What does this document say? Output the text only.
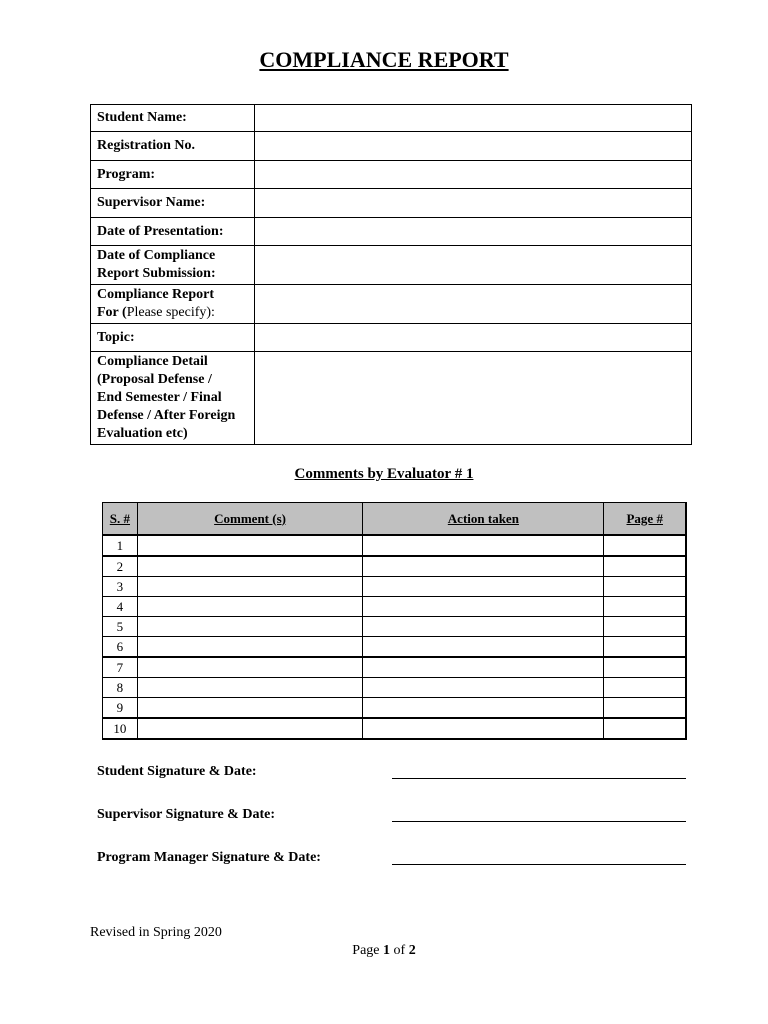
COMPLIANCE REPORT
Student Name:	
Registration No.	
Program:	
Supervisor Name:	
Date of Presentation:	

Date of Compliance
Report Submission:	

Compliance Report
For (Please specify):	

Topic:	

Compliance Detail
(Proposal Defense /
End Semester / Final
Defense / After Foreign
Evaluation etc)	

Comments by Evaluator # 1
S. #	Comment (s)	Action taken	Page #
1			
2			
3			
4			
5			
6			
7			
8			
9			
10			
Student Signature & Date:
Supervisor Signature & Date:
Program Manager Signature & Date:
Revised in Spring 2020
Page 1 of 2
